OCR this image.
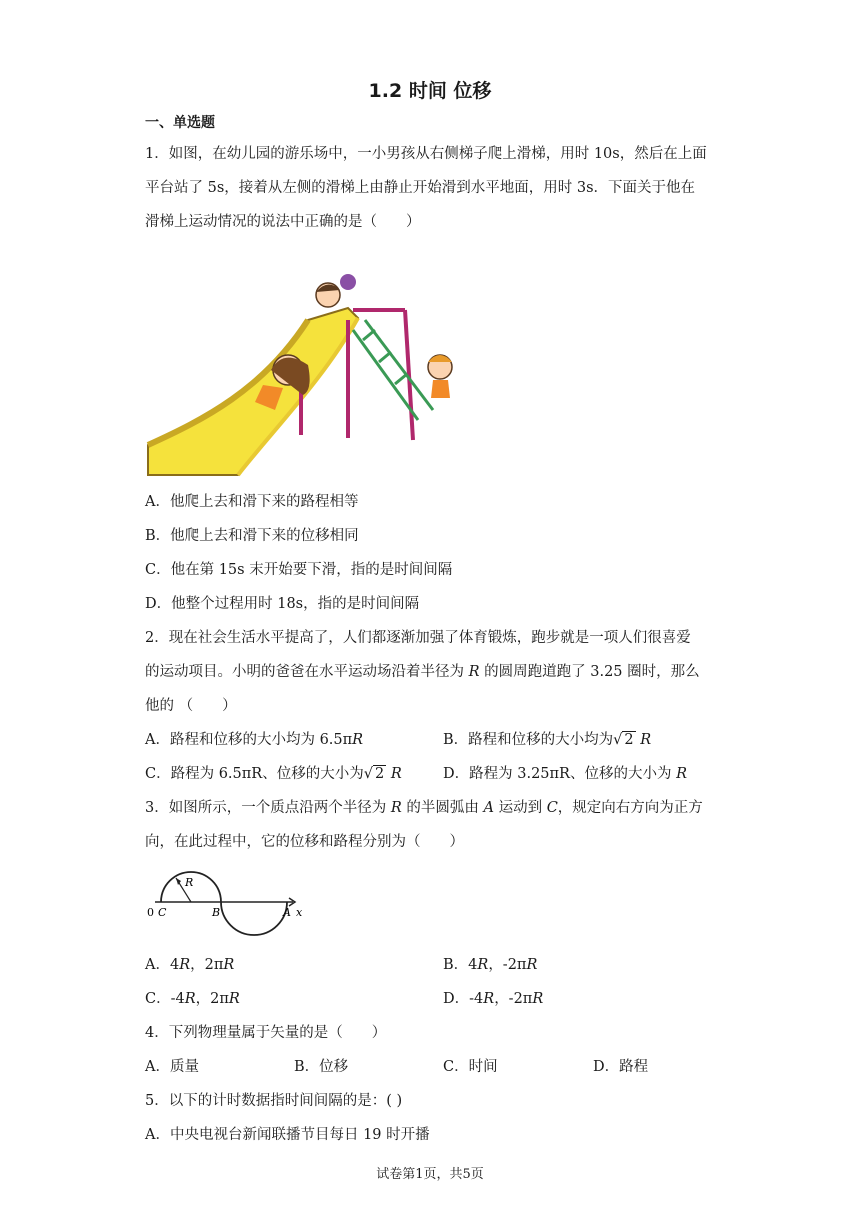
1.2 时间 位移
一、单选题
1．如图，在幼儿园的游乐场中，一小男孩从右侧梯子爬上滑梯，用时 10s，然后在上面
平台站了 5s，接着从左侧的滑梯上由静止开始滑到水平地面，用时 3s．下面关于他在
滑梯上运动情况的说法中正确的是（　　）
A．他爬上去和滑下来的路程相等
B．他爬上去和滑下来的位移相同
C．他在第 15s 末开始要下滑，指的是时间间隔
D．他整个过程用时 18s，指的是时间间隔
2．现在社会生活水平提高了，人们都逐渐加强了体育锻炼，跑步就是一项人们很喜爱
的运动项目。小明的爸爸在水平运动场沿着半径为 R 的圆周跑道跑了 3.25 圈时，那么
他的 （　　）
A．路程和位移的大小均为 6.5πR	B．路程和位移的大小均为√ 2 R
C．路程为 6.5πR、位移的大小为√ 2 R	D．路程为 3.25πR、位移的大小为 R
3．如图所示，一个质点沿两个半径为 R 的半圆弧由 A 运动到 C，规定向右方向为正方
向，在此过程中，它的位移和路程分别为（　　）
R
0 C	B	A x
A．4R，2πR	B．4R，-2πR
C．-4R，2πR	D．-4R，-2πR
4．下列物理量属于矢量的是（　　）
A．质量	B．位移	C．时间	D．路程
5．以下的计时数据指时间间隔的是：( )
A．中央电视台新闻联播节目每日 19 时开播
试卷第1页，共5页
